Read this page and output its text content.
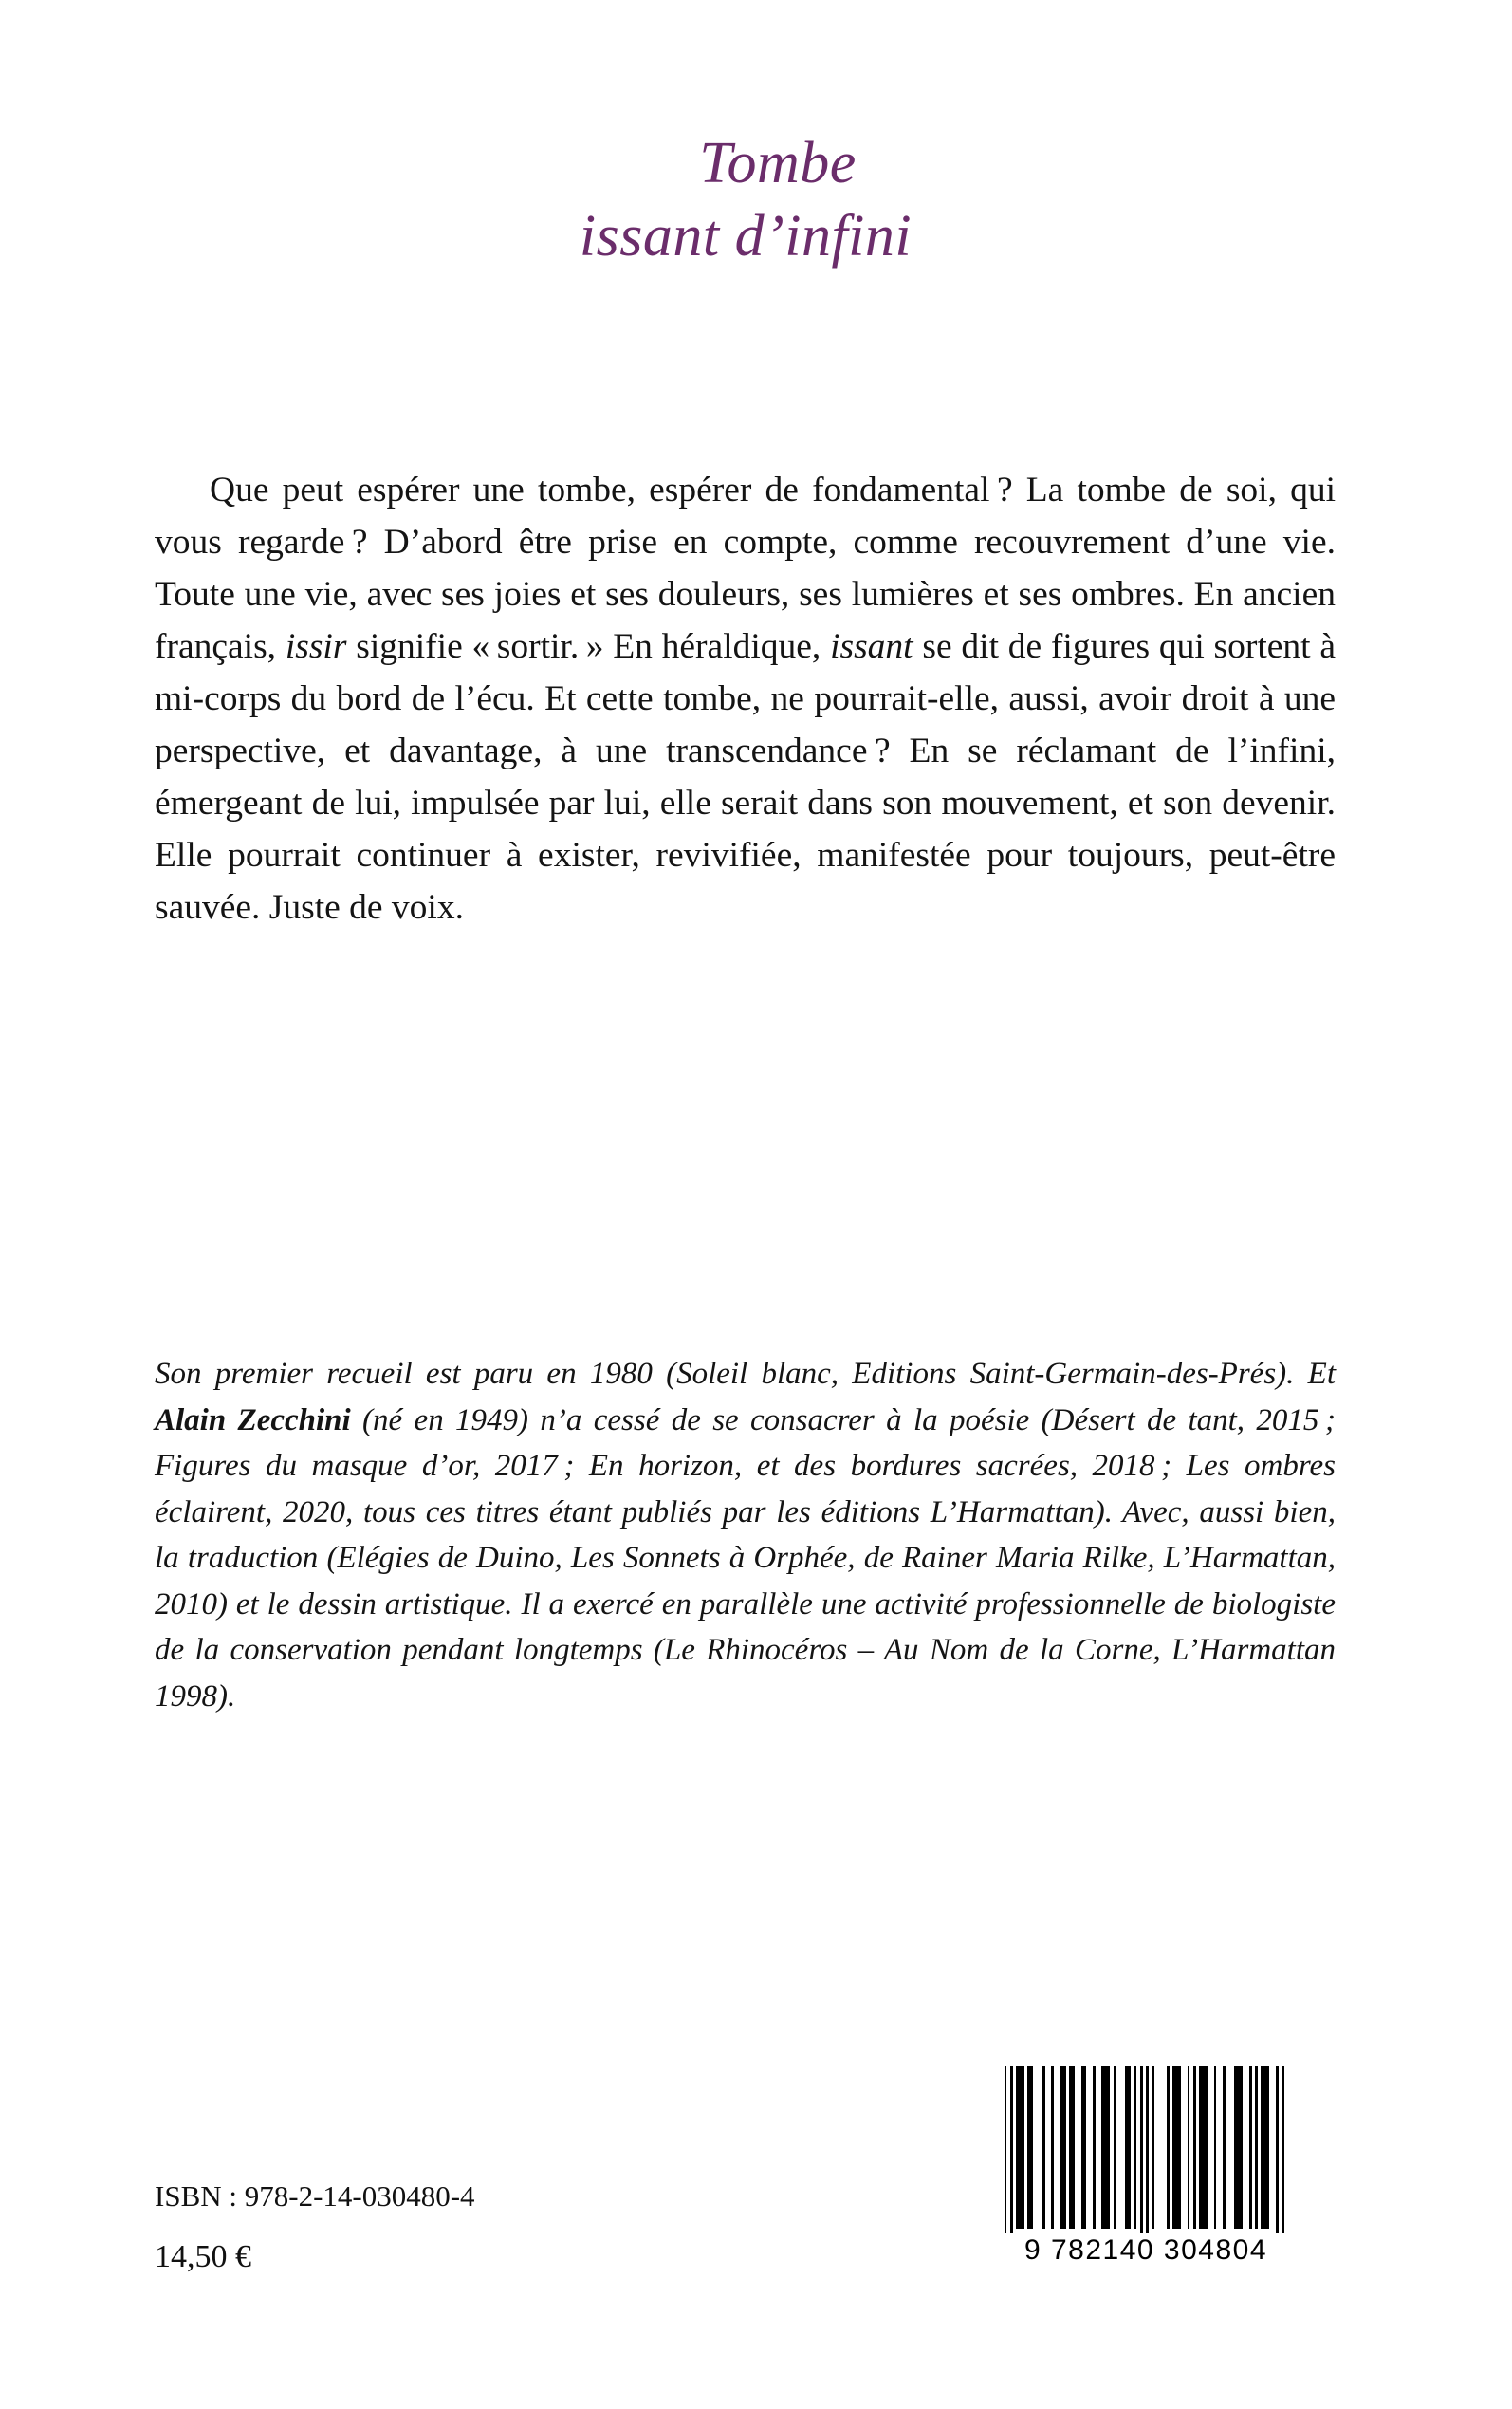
Tombe
issant d’infini

Que peut espérer une tombe, espérer de fondamental ? La tombe de soi, qui vous regarde ? D’abord être prise en compte, comme recouvrement d’une vie. Toute une vie, avec ses joies et ses douleurs, ses lumières et ses ombres. En ancien français, issir signifie « sortir. » En héraldique, issant se dit de figures qui sortent à mi-corps du bord de l’écu. Et cette tombe, ne pourrait-elle, aussi, avoir droit à une perspective, et davantage, à une transcendance ? En se réclamant de l’infini, émergeant de lui, impulsée par lui, elle serait dans son mouvement, et son devenir. Elle pourrait continuer à exister, revivifiée, manifestée pour toujours, peut-être sauvée. Juste de voix.

Son premier recueil est paru en 1980 (Soleil blanc, Editions Saint-Germain-des-Prés). Et Alain Zecchini (né en 1949) n’a cessé de se consacrer à la poésie (Désert de tant, 2015 ; Figures du masque d’or, 2017 ; En horizon, et des bordures sacrées, 2018 ; Les ombres éclairent, 2020, tous ces titres étant publiés par les éditions L’Harmattan). Avec, aussi bien, la traduction (Elégies de Duino, Les Sonnets à Orphée, de Rainer Maria Rilke, L’Harmattan, 2010) et le dessin artistique. Il a exercé en parallèle une activité professionnelle de biologiste de la conservation pendant longtemps (Le Rhinocéros – Au Nom de la Corne, L’Harmattan 1998).

ISBN : 978-2-14-030480-4
14,50 €	9 782140 304804
